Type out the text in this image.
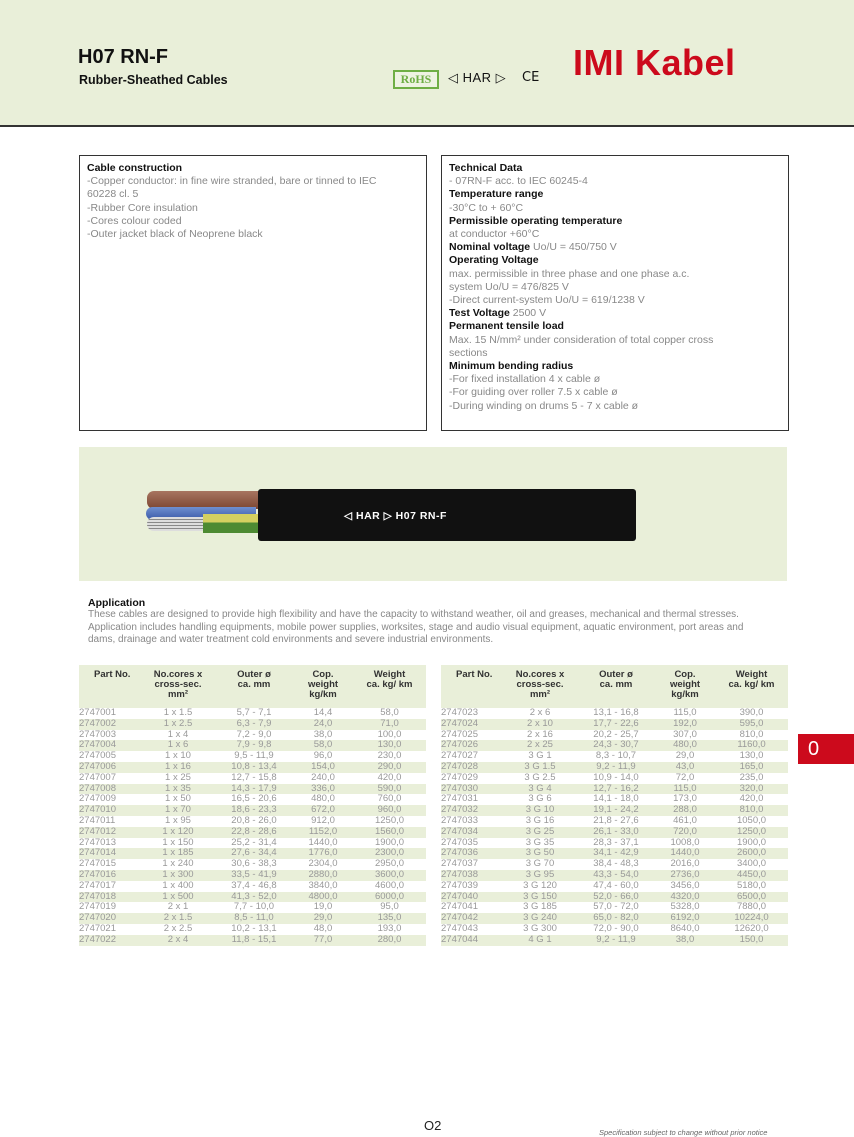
H07 RN-F
Rubber-Sheathed Cables	RoHS	◁ HAR ▷ CE IMI Kabel
Cable construction
-Copper conductor: in fine wire stranded, bare or tinned to IEC
60228 cl. 5
-Rubber Core insulation
-Cores colour coded
-Outer jacket black of Neoprene black
Technical Data
- 07RN-F acc. to IEC 60245-4
Temperature range
-30°C to + 60°C
Permissible operating temperature
at conductor +60°C
Nominal voltage Uo/U = 450/750 V
Operating Voltage
max. permissible in three phase and one phase a.c.
system Uo/U = 476/825 V
-Direct current-system Uo/U = 619/1238 V
Test Voltage 2500 V
Permanent tensile load
Max. 15 N/mm² under consideration of total copper cross
sections
Minimum bending radius
-For fixed installation 4 x cable ø
-For guiding over roller 7.5 x cable ø
-During winding on drums 5 - 7 x cable ø
◁ HAR ▷ H07 RN-F
Application
These cables are designed to provide high flexibility and have the capacity to withstand weather, oil and greases, mechanical and thermal stresses.
Application includes handling equipments, mobile power supplies, worksites, stage and audio visual equipment, aquatic environment, port areas and
dams, drainage and water treatment cold environments and severe industrial environments.
Part No.	No.cores x
cross-sec.
mm²	Outer ø
ca. mm	Cop.
weight
kg/km	Weight
ca. kg/ km
2747001	1 x 1.5	5,7 - 7,1	14,4	58,0
2747002	1 x 2.5	6,3 - 7,9	24,0	71,0
2747003	1 x 4	7,2 - 9,0	38,0	100,0
2747004	1 x 6	7,9 - 9,8	58,0	130,0
2747005	1 x 10	9,5 - 11,9	96,0	230,0
2747006	1 x 16	10,8 - 13,4	154,0	290,0
2747007	1 x 25	12,7 - 15,8	240,0	420,0
2747008	1 x 35	14,3 - 17,9	336,0	590,0
2747009	1 x 50	16,5 - 20,6	480,0	760,0
2747010	1 x 70	18,6 - 23,3	672,0	960,0
2747011	1 x 95	20,8 - 26,0	912,0	1250,0
2747012	1 x 120	22,8 - 28,6	1152,0	1560,0
2747013	1 x 150	25,2 - 31,4	1440,0	1900,0
2747014	1 x 185	27,6 - 34,4	1776,0	2300,0
2747015	1 x 240	30,6 - 38,3	2304,0	2950,0
2747016	1 x 300	33,5 - 41,9	2880,0	3600,0
2747017	1 x 400	37,4 - 46,8	3840,0	4600,0
2747018	1 x 500	41,3 - 52,0	4800,0	6000,0
2747019	2 x 1	7,7 - 10,0	19,0	95,0
2747020	2 x 1.5	8,5 - 11,0	29,0	135,0
2747021	2 x 2.5	10,2 - 13,1	48,0	193,0
2747022	2 x 4	11,8 - 15,1	77,0	280,0
Part No.	No.cores x
cross-sec.
mm²	Outer ø
ca. mm	Cop.
weight
kg/km	Weight
ca. kg/ km
2747023	2 x 6	13,1 - 16,8	115,0	390,0
2747024	2 x 10	17,7 - 22,6	192,0	595,0
2747025	2 x 16	20,2 - 25,7	307,0	810,0
2747026	2 x 25	24,3 - 30,7	480,0	1160,0
2747027	3 G 1	8,3 - 10,7	29,0	130,0
2747028	3 G 1.5	9,2 - 11,9	43,0	165,0
2747029	3 G 2.5	10,9 - 14,0	72,0	235,0
2747030	3 G 4	12,7 - 16,2	115,0	320,0
2747031	3 G 6	14,1 - 18,0	173,0	420,0
2747032	3 G 10	19,1 - 24,2	288,0	810,0
2747033	3 G 16	21,8 - 27,6	461,0	1050,0
2747034	3 G 25	26,1 - 33,0	720,0	1250,0
2747035	3 G 35	28,3 - 37,1	1008,0	1900,0
2747036	3 G 50	34,1 - 42,9	1440,0	2600,0
2747037	3 G 70	38,4 - 48,3	2016,0	3400,0
2747038	3 G 95	43,3 - 54,0	2736,0	4450,0
2747039	3 G 120	47,4 - 60,0	3456,0	5180,0
2747040	3 G 150	52,0 - 66,0	4320,0	6500,0
2747041	3 G 185	57,0 - 72,0	5328,0	7880,0
2747042	3 G 240	65,0 - 82,0	6192,0	10224,0
2747043	3 G 300	72,0 - 90,0	8640,0	12620,0
2747044	4 G 1	9,2 - 11,9	38,0	150,0
0
O2	Specification subject to change without prior notice
